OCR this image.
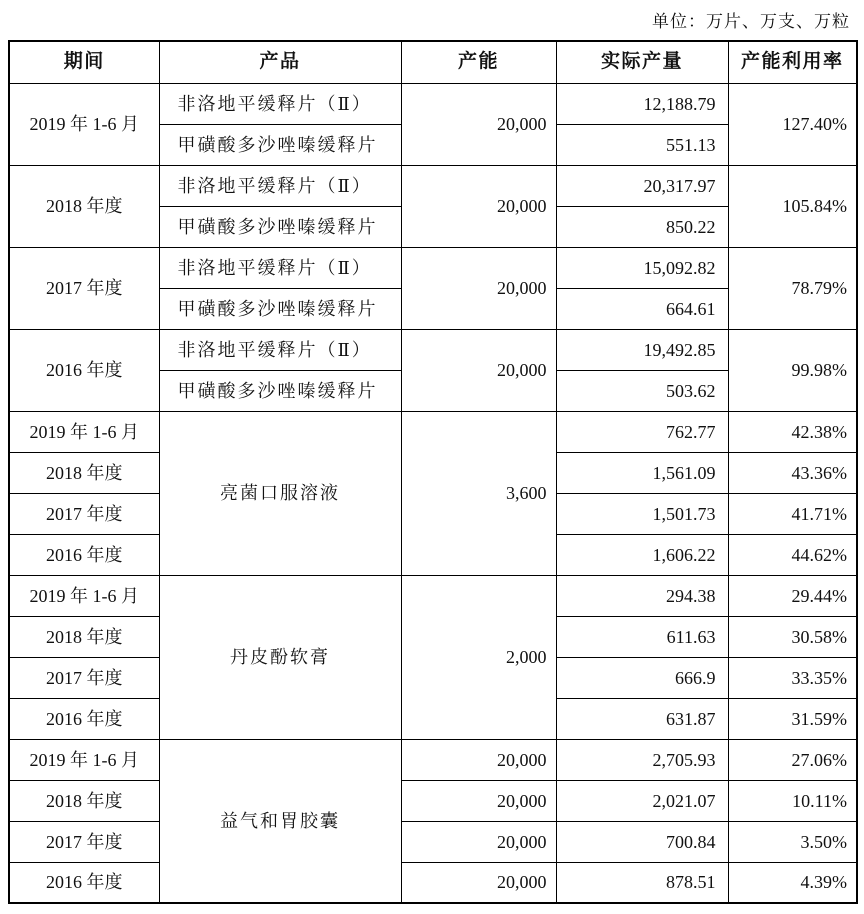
单位：万片、万支、万粒
期间	产品	产能	实际产量	产能利用率
2019 年 1-6 月	非洛地平缓释片（Ⅱ）	20,000	12,188.79	127.40%
	甲磺酸多沙唑嗪缓释片		551.13	
2018 年度	非洛地平缓释片（Ⅱ）	20,000	20,317.97	105.84%
	甲磺酸多沙唑嗪缓释片		850.22	
2017 年度	非洛地平缓释片（Ⅱ）	20,000	15,092.82	78.79%
	甲磺酸多沙唑嗪缓释片		664.61	
2016 年度	非洛地平缓释片（Ⅱ）	20,000	19,492.85	99.98%
	甲磺酸多沙唑嗪缓释片		503.62	
2019 年 1-6 月	亮菌口服溶液	3,600	762.77	42.38%
2018 年度			1,561.09	43.36%
2017 年度			1,501.73	41.71%
2016 年度			1,606.22	44.62%
2019 年 1-6 月	丹皮酚软膏	2,000	294.38	29.44%
2018 年度			611.63	30.58%
2017 年度			666.9	33.35%
2016 年度			631.87	31.59%
2019 年 1-6 月	益气和胃胶囊	20,000	2,705.93	27.06%
2018 年度		20,000	2,021.07	10.11%
2017 年度		20,000	700.84	3.50%
2016 年度		20,000	878.51	4.39%
